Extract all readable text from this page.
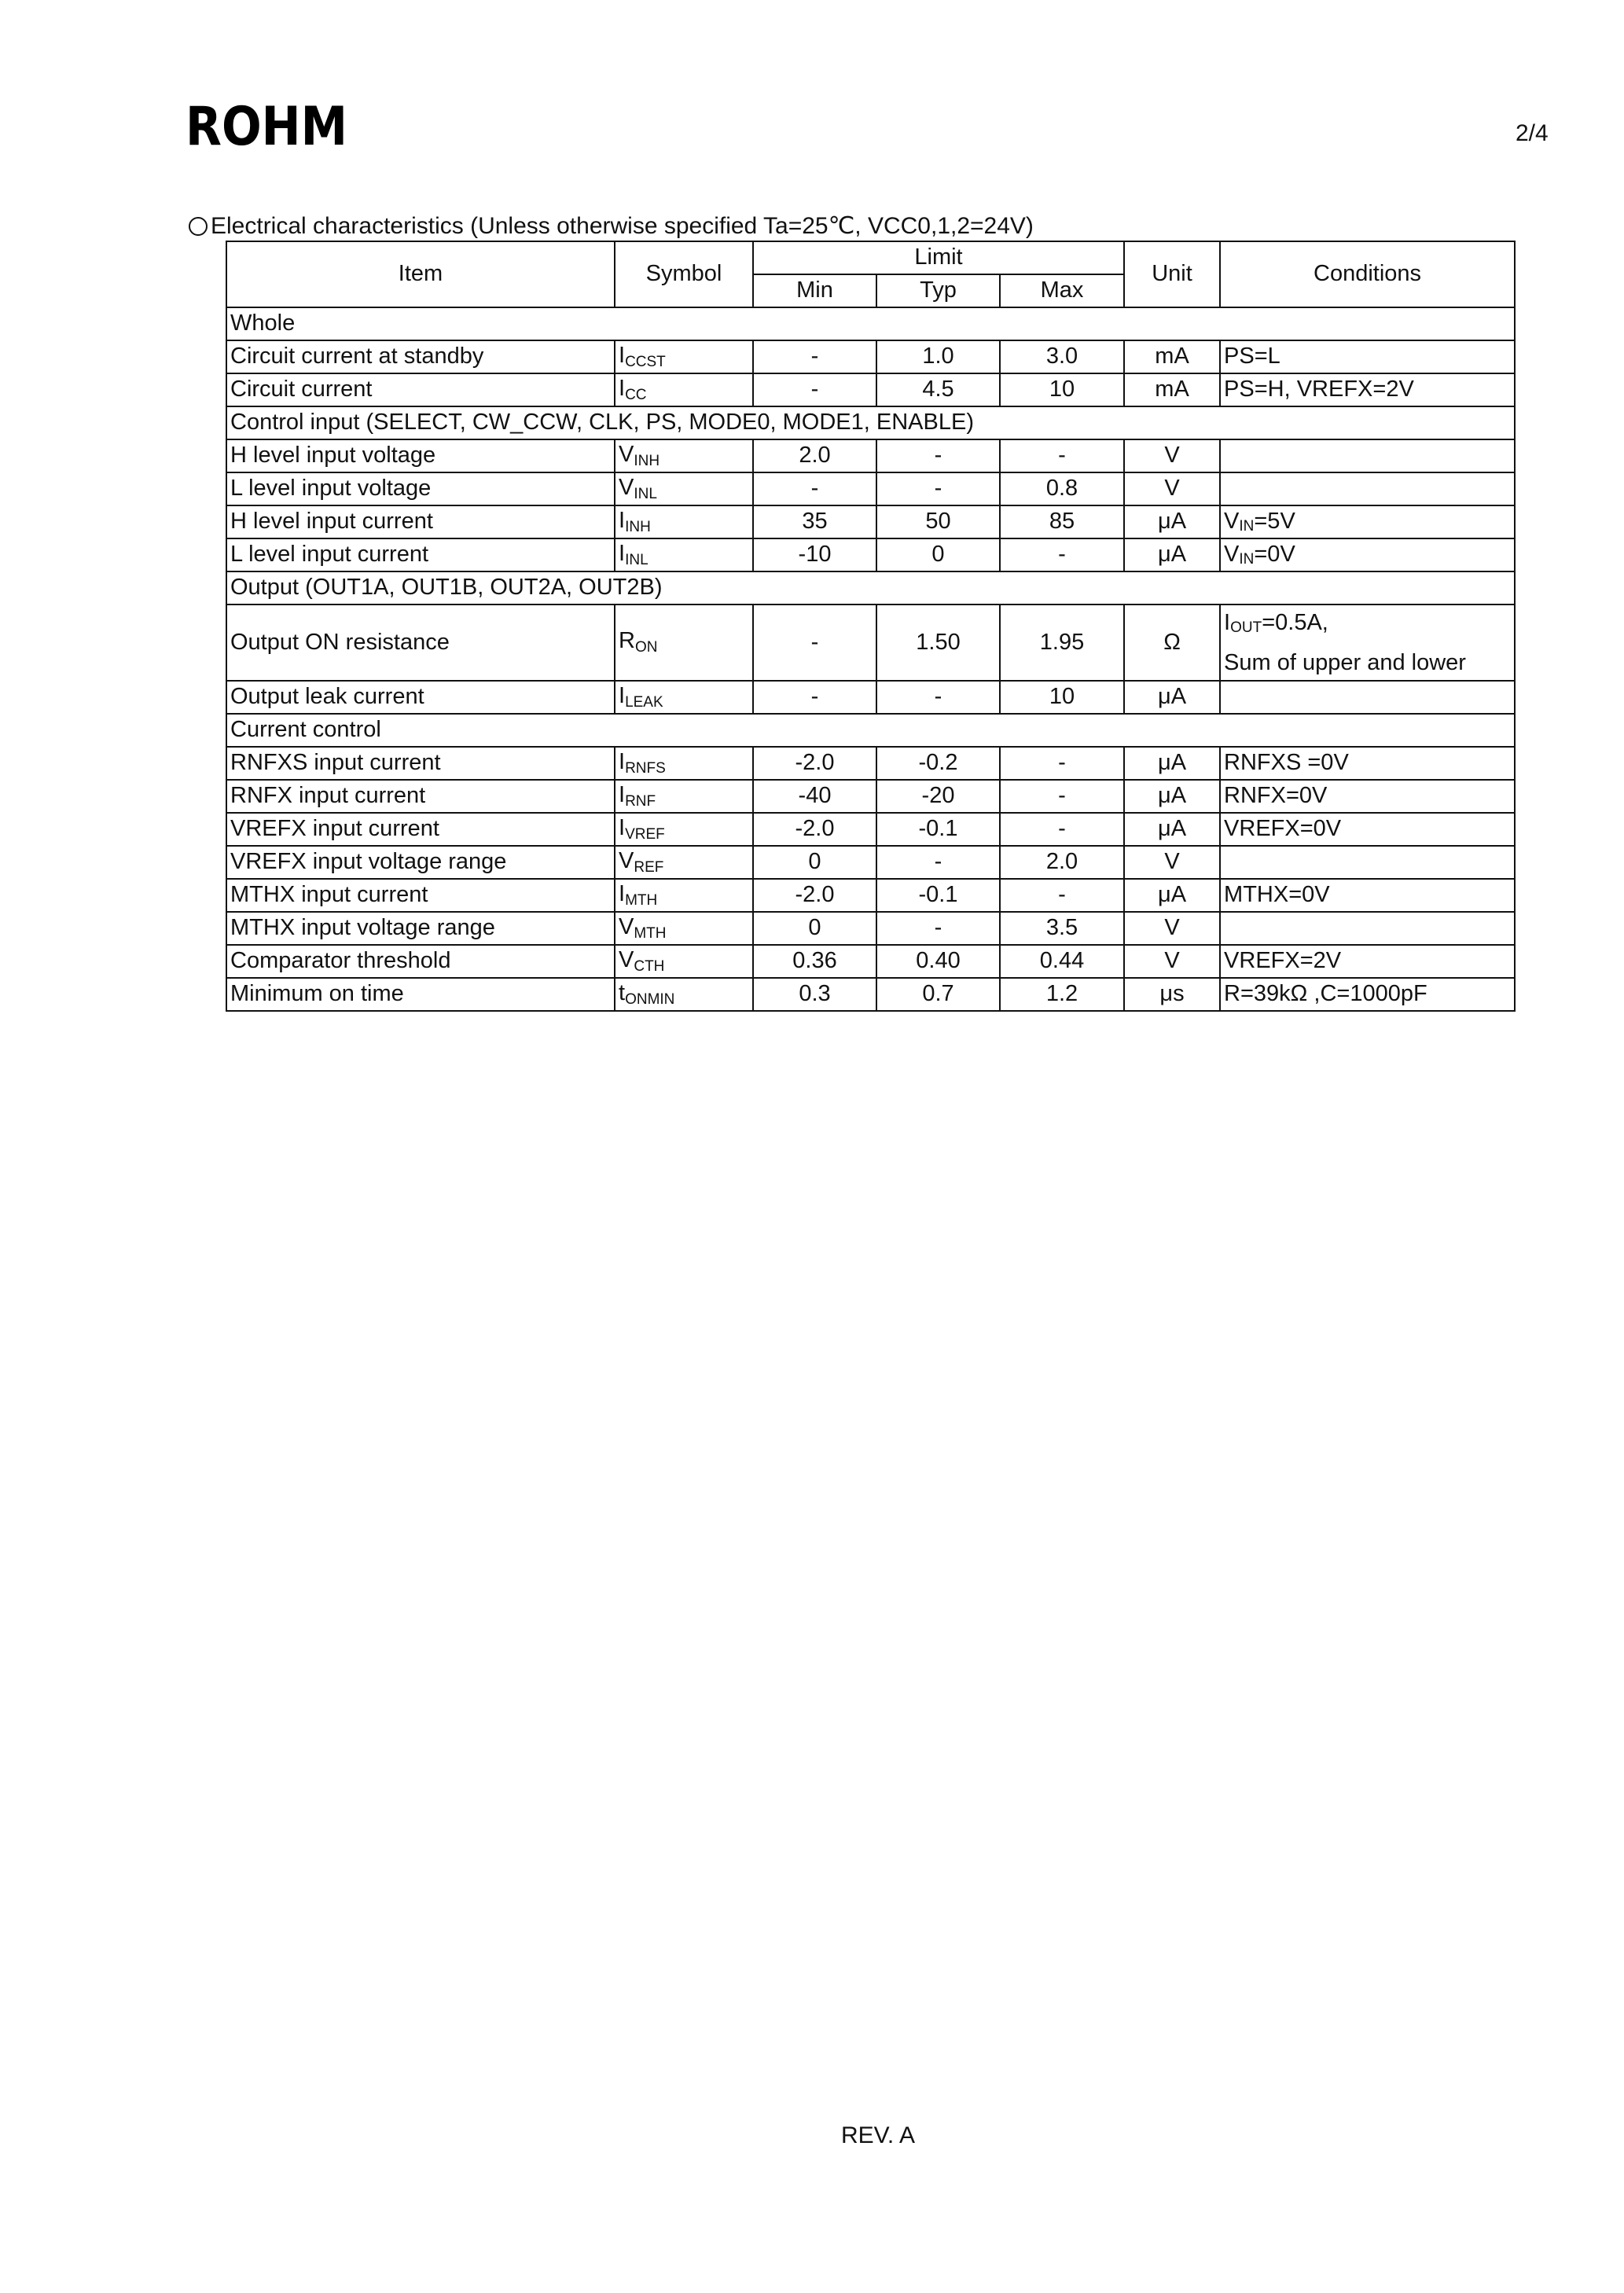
ROHM	2/4
Electrical characteristics (Unless otherwise specified Ta=25℃, VCC0,1,2=24V)
Item	Symbol	Limit			Unit	Conditions
		Min	Typ	Max		
Whole						
Circuit current at standby	$I_{CCST}$	-	1.0	3.0	mA	PS=L
Circuit current	$I_{CC}$	-	4.5	10	mA	PS=H, VREFX=2V
Control input (SELECT, CW_CCW, CLK, PS, MODE0, MODE1, ENABLE)						
H level input voltage	$V_{INH}$	2.0	-	-	V	
L level input voltage	$V_{INL}$	-	-	0.8	V	
H level input current	$I_{INH}$	35	50	85	μA	$V_{IN}=5V$
L level input current	$I_{INL}$	-10	0	-	μA	$V_{IN}=0V$
Output (OUT1A, OUT1B, OUT2A, OUT2B)						
Output ON resistance	$R_{ON}$	-	1.50	1.95	Ω	$I_{OUT}=0.5A$,
Sum of upper and lower

Output leak current	$I_{LEAK}$	-	-	10	μA	
Current control						
RNFXS input current	$I_{RNFS}$	-2.0	-0.2	-	μA	RNFXS =0V
RNFX input current	$I_{RNF}$	-40	-20	-	μA	RNFX=0V
VREFX input current	$I_{VREF}$	-2.0	-0.1	-	μA	VREFX=0V
VREFX input voltage range	$V_{REF}$	0	-	2.0	V	
MTHX input current	$I_{MTH}$	-2.0	-0.1	-	μA	MTHX=0V
MTHX input voltage range	$V_{MTH}$	0	-	3.5	V	
Comparator threshold	$V_{CTH}$	0.36	0.40	0.44	V	VREFX=2V
Minimum on time	$t_{ONMIN}$	0.3	0.7	1.2	μs	R=39kΩ ,C=1000pF
REV. A
